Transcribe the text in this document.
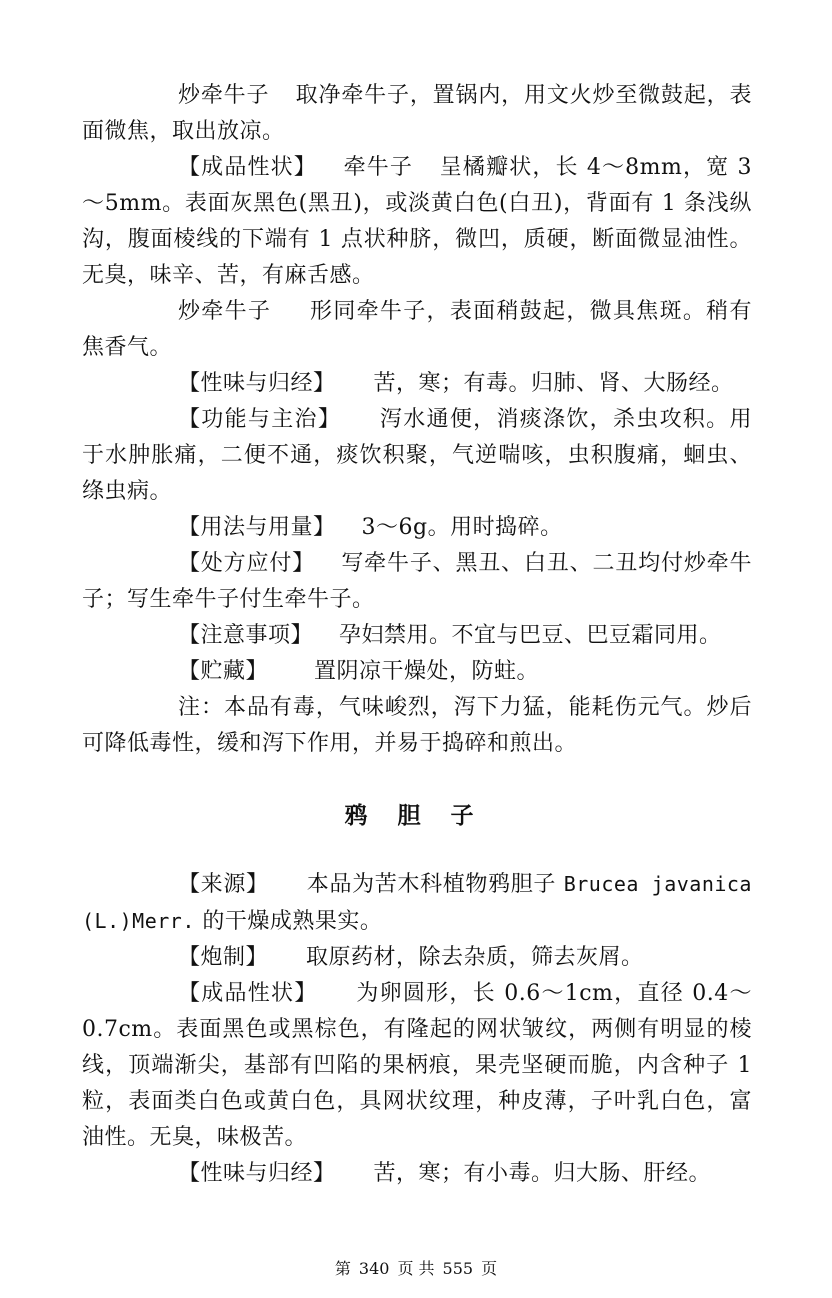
炒牵牛子 取净牵牛子，置锅内，用文火炒至微鼓起，表面微焦，取出放凉。

【成品性状】 牵牛子 呈橘瓣状，长 4～8mm，宽 3～5mm。表面灰黑色(黑丑)，或淡黄白色(白丑)，背面有 1 条浅纵沟，腹面棱线的下端有 1 点状种脐，微凹，质硬，断面微显油性。无臭，味辛、苦，有麻舌感。

炒牵牛子 形同牵牛子，表面稍鼓起，微具焦斑。稍有焦香气。

【性味与归经】 苦，寒；有毒。归肺、肾、大肠经。

【功能与主治】 泻水通便，消痰涤饮，杀虫攻积。用于水肿胀痛，二便不通，痰饮积聚，气逆喘咳，虫积腹痛，蛔虫、绦虫病。

【用法与用量】 3～6g。用时捣碎。

【处方应付】 写牵牛子、黑丑、白丑、二丑均付炒牵牛子；写生牵牛子付生牵牛子。

【注意事项】 孕妇禁用。不宜与巴豆、巴豆霜同用。

【贮藏】 置阴凉干燥处，防蛀。

注：本品有毒，气味峻烈，泻下力猛，能耗伤元气。炒后可降低毒性，缓和泻下作用，并易于捣碎和煎出。

鸦胆子

【来源】 本品为苦木科植物鸦胆子 Brucea javanica (L.)Merr. 的干燥成熟果实。

【炮制】 取原药材，除去杂质，筛去灰屑。

【成品性状】 为卵圆形，长 0.6～1cm，直径 0.4～0.7cm。表面黑色或黑棕色，有隆起的网状皱纹，两侧有明显的棱线，顶端渐尖，基部有凹陷的果柄痕，果壳坚硬而脆，内含种子 1 粒，表面类白色或黄白色，具网状纹理，种皮薄，子叶乳白色，富油性。无臭，味极苦。

【性味与归经】 苦，寒；有小毒。归大肠、肝经。

第 340 页 共 555 页
